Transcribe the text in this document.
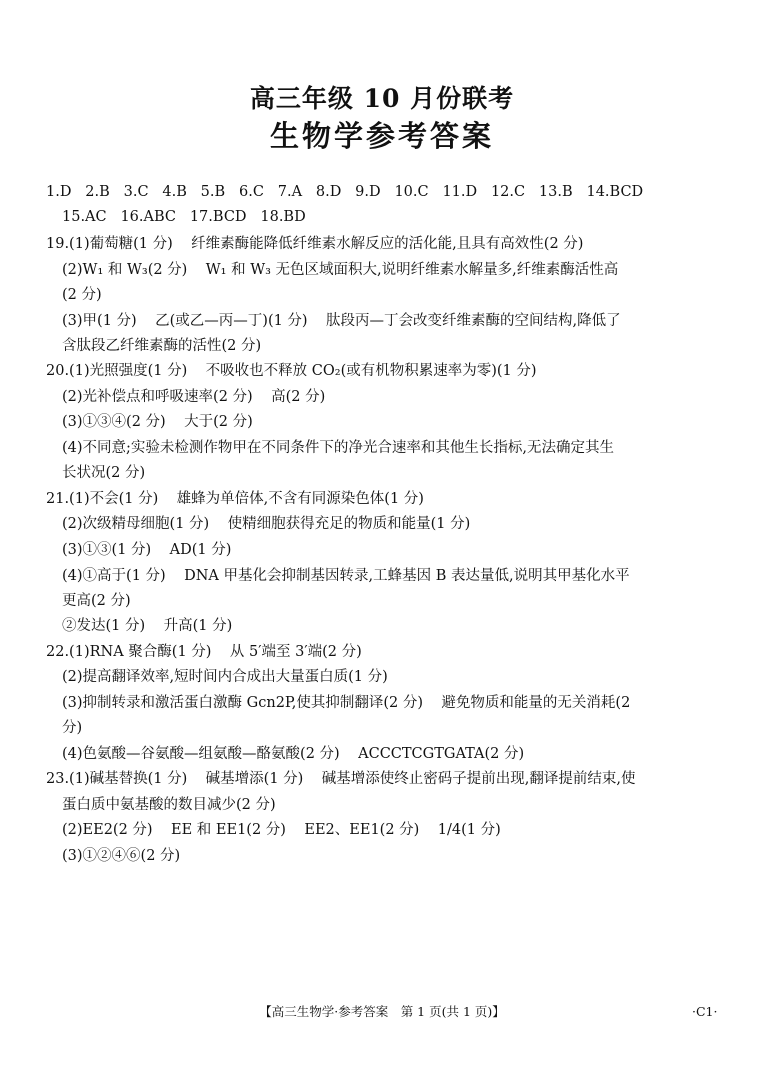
高三年级 10 月份联考
生物学参考答案
1.D   2.B   3.C   4.B   5.B   6.C   7.A   8.D   9.D   10.C   11.D   12.C   13.B   14.BCD
15.AC   16.ABC   17.BCD   18.BD
19.(1)葡萄糖(1 分)    纤维素酶能降低纤维素水解反应的活化能,且具有高效性(2 分)
(2)W₁ 和 W₃(2 分)    W₁ 和 W₃ 无色区域面积大,说明纤维素水解量多,纤维素酶活性高
(2 分)
(3)甲(1 分)    乙(或乙—丙—丁)(1 分)    肽段丙—丁会改变纤维素酶的空间结构,降低了
含肽段乙纤维素酶的活性(2 分)
20.(1)光照强度(1 分)    不吸收也不释放 CO₂(或有机物积累速率为零)(1 分)
(2)光补偿点和呼吸速率(2 分)    高(2 分)
(3)①③④(2 分)    大于(2 分)
(4)不同意;实验未检测作物甲在不同条件下的净光合速率和其他生长指标,无法确定其生
长状况(2 分)
21.(1)不会(1 分)    雄蜂为单倍体,不含有同源染色体(1 分)
(2)次级精母细胞(1 分)    使精细胞获得充足的物质和能量(1 分)
(3)①③(1 分)    AD(1 分)
(4)①高于(1 分)    DNA 甲基化会抑制基因转录,工蜂基因 B 表达量低,说明其甲基化水平
更高(2 分)
②发达(1 分)    升高(1 分)
22.(1)RNA 聚合酶(1 分)    从 5′端至 3′端(2 分)
(2)提高翻译效率,短时间内合成出大量蛋白质(1 分)
(3)抑制转录和激活蛋白激酶 Gcn2P,使其抑制翻译(2 分)    避免物质和能量的无关消耗(2
分)
(4)色氨酸—谷氨酸—组氨酸—酪氨酸(2 分)    ACCCTCGTGATA(2 分)
23.(1)碱基替换(1 分)    碱基增添(1 分)    碱基增添使终止密码子提前出现,翻译提前结束,使
蛋白质中氨基酸的数目减少(2 分)
(2)EE2(2 分)    EE 和 EE1(2 分)    EE2、EE1(2 分)    1/4(1 分)
(3)①②④⑥(2 分)
【高三生物学·参考答案　第 1 页(共 1 页)】	·C1·
